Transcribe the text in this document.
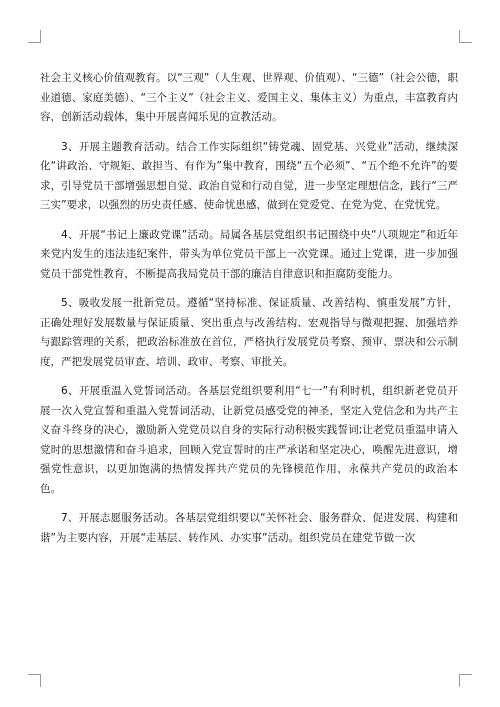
社会主义核心价值观教育。以“三观”（人生观、世界观、价值观）、“三德”（社会公德，职业道德、家庭美德）、“三个主义”（社会主义、爱国主义、集体主义）为重点，丰富教育内容，创新活动载体，集中开展喜闻乐见的宣教活动。

3、开展主题教育活动。结合工作实际组织“铸党魂、固党基、兴党业”活动，继续深化“讲政治、守规矩、敢担当、有作为”集中教育，围绕“五个必须”、“五个绝不允许”的要求，引导党员干部增强思想自觉、政治自觉和行动自觉，进一步坚定理想信念，践行“三严三实”要求，以强烈的历史责任感、使命忧患感，做到在党爱党、在党为党、在党忧党。

4、开展“书记上廉政党课”活动。局属各基层党组织书记围绕中央“八项规定”和近年来党内发生的违法违纪案件，带头为单位党员干部上一次党课。通过上党课，进一步加强党员干部党性教育，不断提高我局党员干部的廉洁自律意识和拒腐防变能力。

5、吸收发展一批新党员。遵循“坚持标准、保证质量、改善结构、慎重发展”方针，正确处理好发展数量与保证质量、突出重点与改善结构、宏观指导与微观把握、加强培养与跟踪管理的关系，把政治标准放在首位，严格执行发展党员考察、预审、票决和公示制度，严把发展党员审查、培训、政审、考察、审批关。

6、开展重温入党誓词活动。各基层党组织要利用“七一”有利时机，组织新老党员开展一次入党宣誓和重温入党誓词活动，让新党员感受党的神圣，坚定入党信念和为共产主义奋斗终身的决心，激励新入党党员以自身的实际行动积极实践誓词;让老党员重温申请入党时的思想激情和奋斗追求，回顾入党宣誓时的庄严承诺和坚定决心，唤醒先进意识，增强党性意识，以更加饱满的热情发挥共产党员的先锋模范作用，永葆共产党员的政治本色。

7、开展志愿服务活动。各基层党组织要以“关怀社会、服务群众、促进发展、构建和谐”为主要内容，开展“走基层、转作风、办实事”活动。组织党员在建党节做一次
